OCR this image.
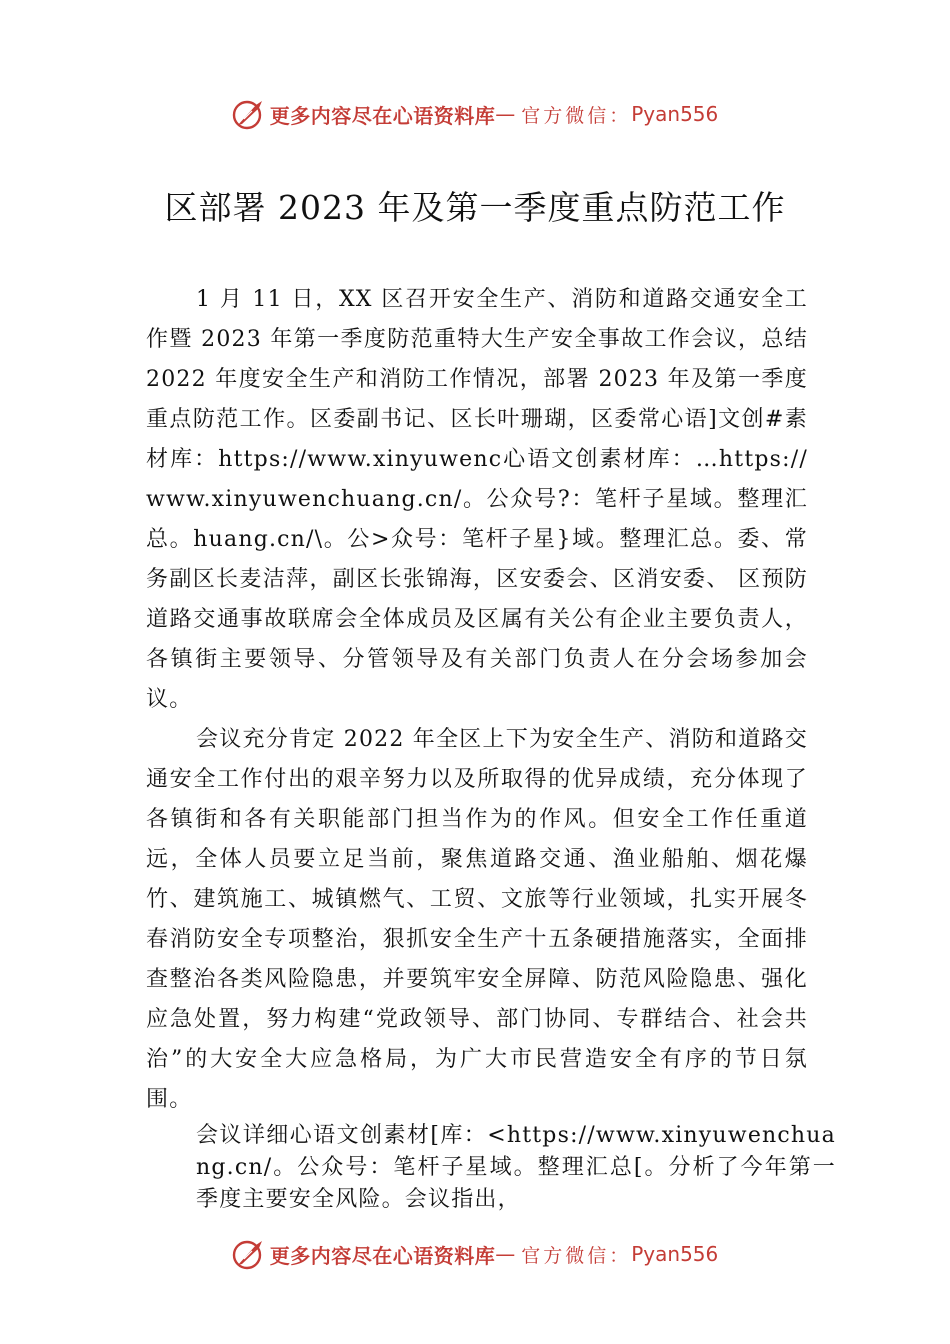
更多内容尽在心语资料库 — 官方微信： Pyan556
区部署 2023 年及第一季度重点防范工作

1 月 11 日，XX 区召开安全生产、消防和道路交通安全工作暨 2023 年第一季度防范重特大生产安全事故工作会议，总结 2022 年度安全生产和消防工作情况，部署 2023 年及第一季度重点防范工作。区委副书记、区长叶珊瑚，区委常心语]文创#素材库：https://www.xinyuwenc心语文创素材库：…https://www.xinyuwenchuang.cn/。公众号?：笔杆子星域。整理汇总。huang.cn/\。公>众号：笔杆子星}域。整理汇总。委、常务副区长麦洁萍，副区长张锦海，区安委会、区消安委、 区预防道路交通事故联席会全体成员及区属有关公有企业主要负责人，各镇街主要领导、分管领导及有关部门负责人在分会场参加会议。

会议充分肯定 2022 年全区上下为安全生产、消防和道路交通安全工作付出的艰辛努力以及所取得的优异成绩，充分体现了各镇街和各有关职能部门担当作为的作风。但安全工作任重道远，全体人员要立足当前，聚焦道路交通、渔业船舶、烟花爆竹、建筑施工、城镇燃气、工贸、文旅等行业领域，扎实开展冬春消防安全专项整治，狠抓安全生产十五条硬措施落实，全面排查整治各类风险隐患，并要筑牢安全屏障、防范风险隐患、强化应急处置，努力构建“党政领导、部门协同、专群结合、社会共治”的大安全大应急格局，为广大市民营造安全有序的节日氛围。

会议详细心语文创素材[库：<https://www.xinyuwenchuang.cn/。公众号：笔杆子星域。整理汇总[。分析了今年第一季度主要安全风险。会议指出，

更多内容尽在心语资料库 — 官方微信： Pyan556
